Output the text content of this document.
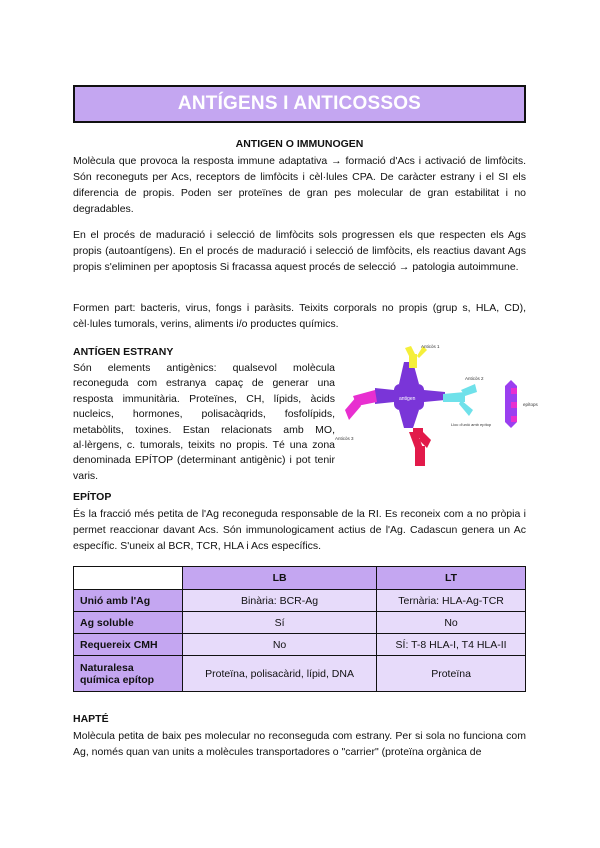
ANTÍGENS I ANTICOSSOS
ANTIGEN O IMMUNOGEN

Molècula que provoca la resposta immune adaptativa → formació d'Acs i activació de limfòcits. Són reconeguts per Acs, receptors de limfòcits i cèl·lules CPA. De caràcter estrany i el SI els diferencia de propis. Poden ser proteïnes de gran pes molecular de gran estabilitat i no degradables.

En el procés de maduració i selecció de limfòcits sols progressen els que respecten els Ags propis (autoantígens). En el procés de maduració i selecció de limfòcits, els reactius davant Ags propis s'eliminen per apoptosis Si fracassa aquest procés de selecció → patologia autoimmune.

Formen part: bacteris, virus, fongs i paràsits. Teixits corporals no propis (grup s, HLA, CD), cèl·lules tumorals, verins, aliments i/o productes químics.

ANTÍGEN ESTRANY

Són elements antigènics: qualsevol molècula reconeguda com estranya capaç de generar una resposta immunitària. Proteïnes, CH, lípids, àcids nucleics, hormones, polisacàqrids, fosfolípids, metabòlits, toxines. Estan relacionats amb MO, al·lèrgens, c. tumorals, teixits no propis. Té una zona denominada EPÍTOP (determinant antigènic) i pot tenir varis.

antigen
Anticòs 1
Anticòs 3
Anticòs 2
Lloc d'unió amb epítop
epítops
EPÍTOP

És la fracció més petita de l'Ag reconeguda responsable de la RI. Es reconeix com a no pròpia i permet reaccionar davant Acs. Són immunologicament actius de l'Ag. Cadascun genera un Ac específic. S'uneix al BCR, TCR, HLA i Acs específics.

	LB	LT
Unió amb l'Ag	Binària: BCR-Ag	Ternària: HLA-Ag-TCR
Ag soluble	Sí	No
Requereix CMH	No	SÍ: T-8 HLA-I, T4 HLA-II
Naturalesa química epítop	Proteïna, polisacàrid, lípid, DNA	Proteïna
HAPTÉ

Molècula petita de baix pes molecular no reconseguda com estrany. Per si sola no funciona com Ag, només quan van units a molècules transportadores o "carrier" (proteïna orgànica de
